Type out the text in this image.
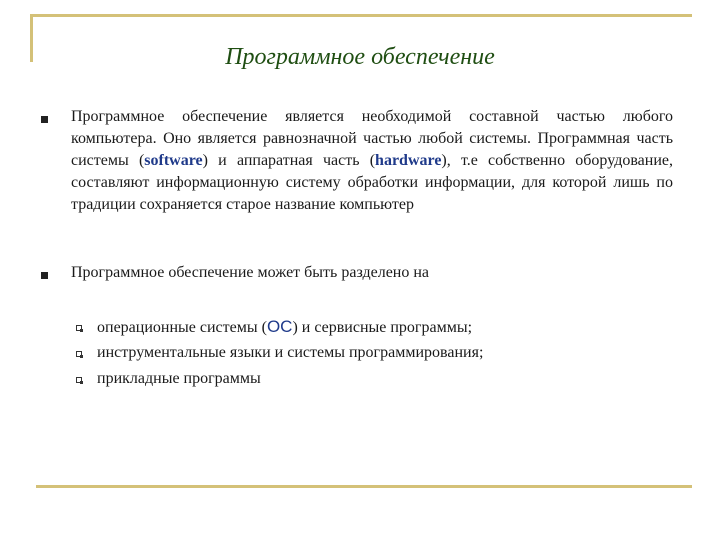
Программное обеспечение

Программное обеспечение является необходимой составной частью любого компьютера. Оно является равнозначной частью любой системы. Программная часть системы (software) и аппаратная часть (hardware), т.е собственно оборудование, составляют информационную систему обработки информации, для которой лишь по традиции сохраняется старое название компьютер

Программное обеспечение может быть разделено на

операционные системы (ОС) и сервисные программы;
инструментальные языки и системы программирования;
прикладные программы
